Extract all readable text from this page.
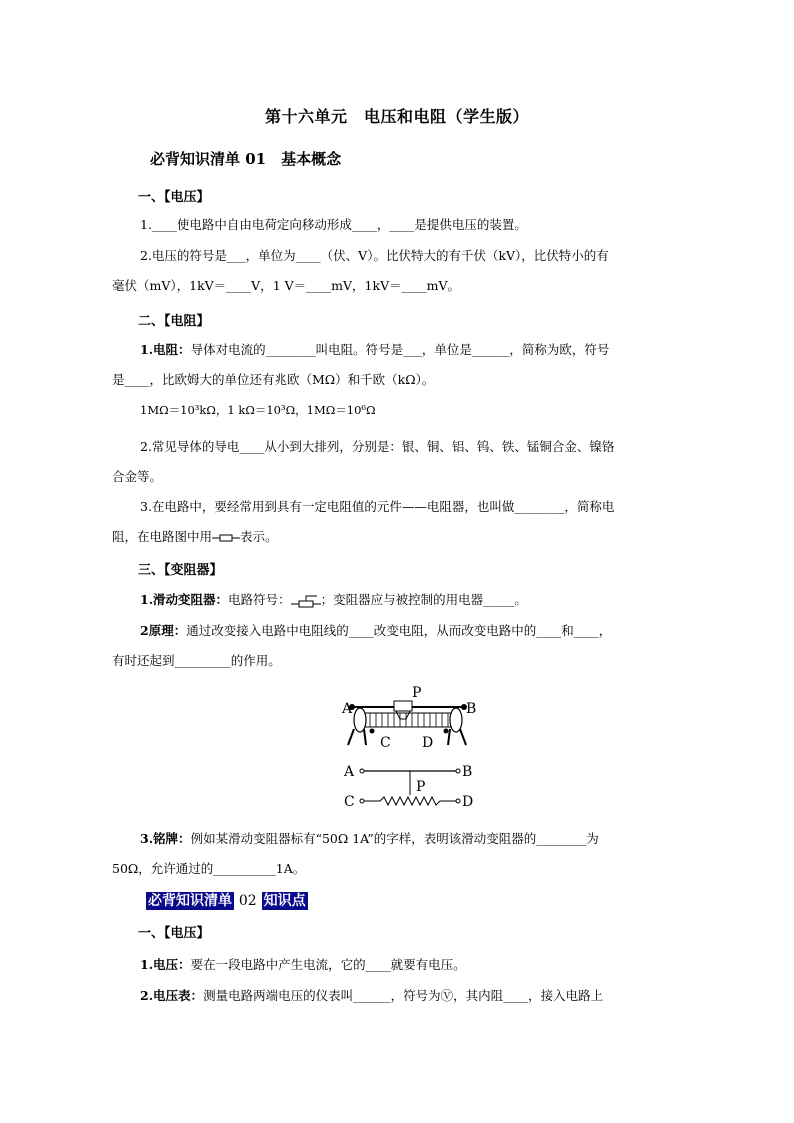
第十六单元　电压和电阻（学生版）
必背知识清单 01　基本概念
一、【电压】
1.____使电路中自由电荷定向移动形成____，____是提供电压的装置。
2.电压的符号是___，单位为____（伏、V）。比伏特大的有千伏（kV），比伏特小的有
毫伏（mV），1kV＝____V，1 V＝____mV，1kV＝____mV。
二、【电阻】
1.电阻：导体对电流的________叫电阻。符号是___，单位是______，简称为欧，符号
是____，比欧姆大的单位还有兆欧（MΩ）和千欧（kΩ）。
1MΩ＝10³kΩ，1 kΩ＝10³Ω，1MΩ＝10⁶Ω
2.常见导体的导电____从小到大排列，分别是：银、铜、铝、钨、铁、锰铜合金、镍铬
合金等。
3.在电路中，要经常用到具有一定电阻值的元件——电阻器，也叫做________，简称电
阻，在电路图中用 表示。
三、【变阻器】
1.滑动变阻器：电路符号： ；变阻器应与被控制的用电器_____。
2原理：通过改变接入电路中电阻线的____改变电阻，从而改变电路中的____和____，
有时还起到_________的作用。
A	B
P
C D
A	B
P
C	D
3.铭牌：例如某滑动变阻器标有“50Ω 1A”的字样，表明该滑动变阻器的________为
50Ω，允许通过的__________1A。
必背知识清单 02 知识点
一、【电压】
1.电压：要在一段电路中产生电流，它的____就要有电压。
2.电压表：测量电路两端电压的仪表叫______，符号为Ⓥ，其内阻____，接入电路上
